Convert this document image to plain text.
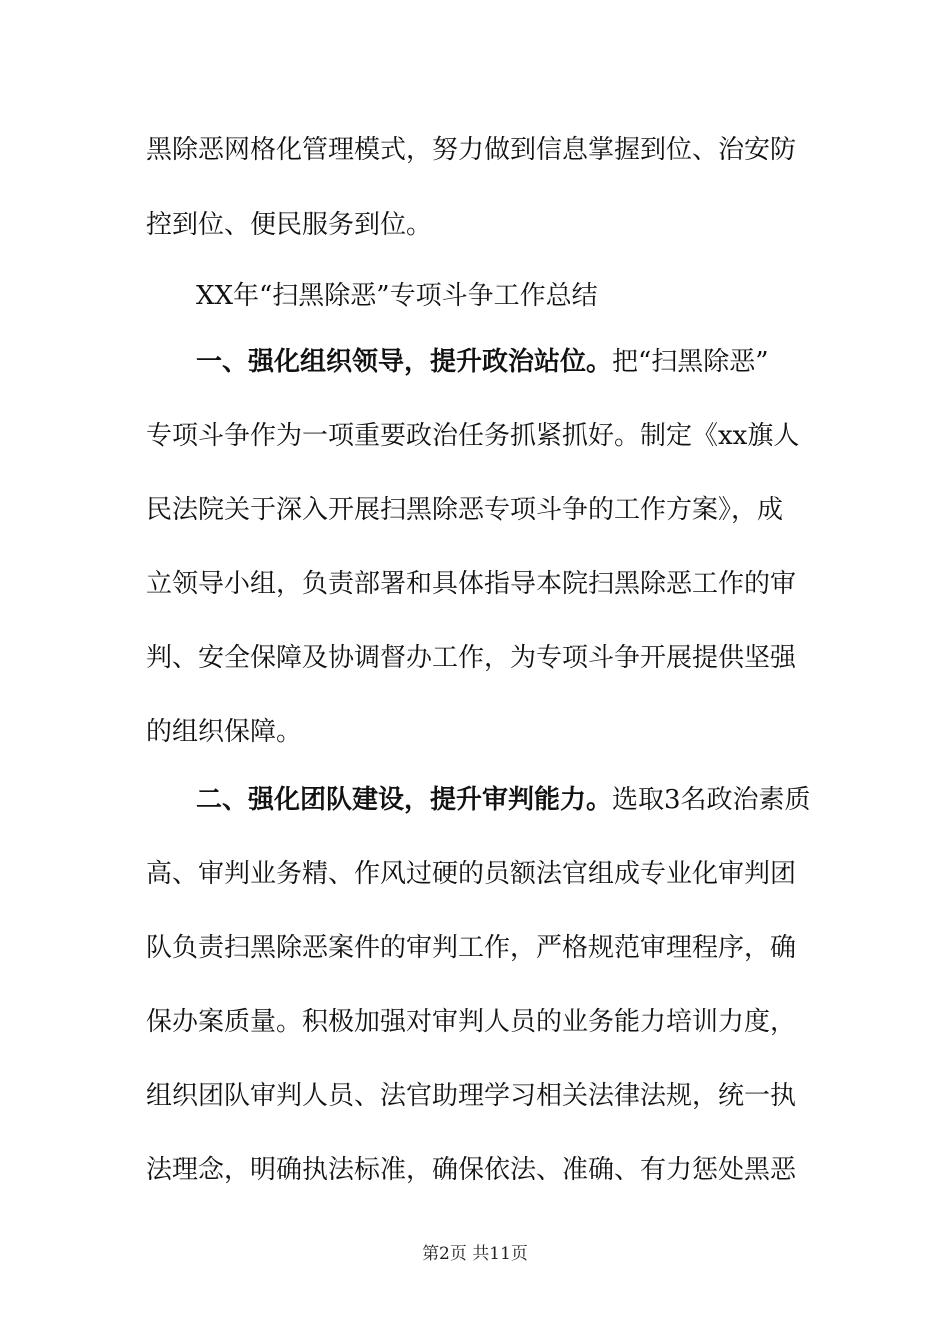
黑除恶网格化管理模式，努力做到信息掌握到位、治安防
控到位、便民服务到位。
XX年“扫黑除恶”专项斗争工作总结
一、强化组织领导，提升政治站位。把“扫黑除恶”
专项斗争作为一项重要政治任务抓紧抓好。制定《xx旗人
民法院关于深入开展扫黑除恶专项斗争的工作方案》，成
立领导小组，负责部署和具体指导本院扫黑除恶工作的审
判、安全保障及协调督办工作，为专项斗争开展提供坚强
的组织保障。
二、强化团队建设，提升审判能力。选取3名政治素质
高、审判业务精、作风过硬的员额法官组成专业化审判团
队负责扫黑除恶案件的审判工作，严格规范审理程序，确
保办案质量。积极加强对审判人员的业务能力培训力度，
组织团队审判人员、法官助理学习相关法律法规，统一执
法理念，明确执法标准，确保依法、准确、有力惩处黑恶
第2页 共11页
